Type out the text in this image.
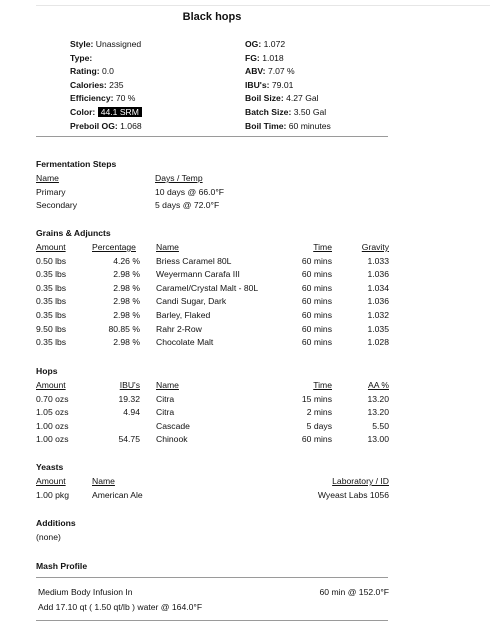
Black hops
Style: Unassigned
Type:
Rating: 0.0
Calories: 235
Efficiency: 70 %
Color: 44.1 SRM
Preboil OG: 1.068
OG: 1.072
FG: 1.018
ABV: 7.07 %
IBU's: 79.01
Boil Size: 4.27 Gal
Batch Size: 3.50 Gal
Boil Time: 60 minutes
Fermentation Steps
Name	Days / Temp
Primary	10 days @ 66.0°F
Secondary	5 days @ 72.0°F
Grains & Adjuncts
Amount	Percentage Name	Time	Gravity
0.50 lbs	4.26 % Briess Caramel 80L	60 mins	1.033
0.35 lbs	2.98 % Weyermann Carafa III	60 mins	1.036
0.35 lbs	2.98 % Caramel/Crystal Malt - 80L	60 mins	1.034
0.35 lbs	2.98 % Candi Sugar, Dark	60 mins	1.036
0.35 lbs	2.98 % Barley, Flaked	60 mins	1.032
9.50 lbs	80.85 % Rahr 2-Row	60 mins	1.035
0.35 lbs	2.98 % Chocolate Malt	60 mins	1.028
Hops
Amount	IBU's Name	Time	AA %
0.70 ozs	19.32 Citra	15 mins	13.20
1.05 ozs	4.94 Citra	2 mins	13.20
1.00 ozs	Cascade	5 days	5.50
1.00 ozs	54.75 Chinook	60 mins	13.00
Yeasts
Amount	Name	Laboratory / ID
1.00 pkg	American Ale	Wyeast Labs 1056
Additions
(none)
Mash Profile
Medium Body Infusion In	60 min @ 152.0°F
Add 17.10 qt ( 1.50 qt/lb ) water @ 164.0°F
